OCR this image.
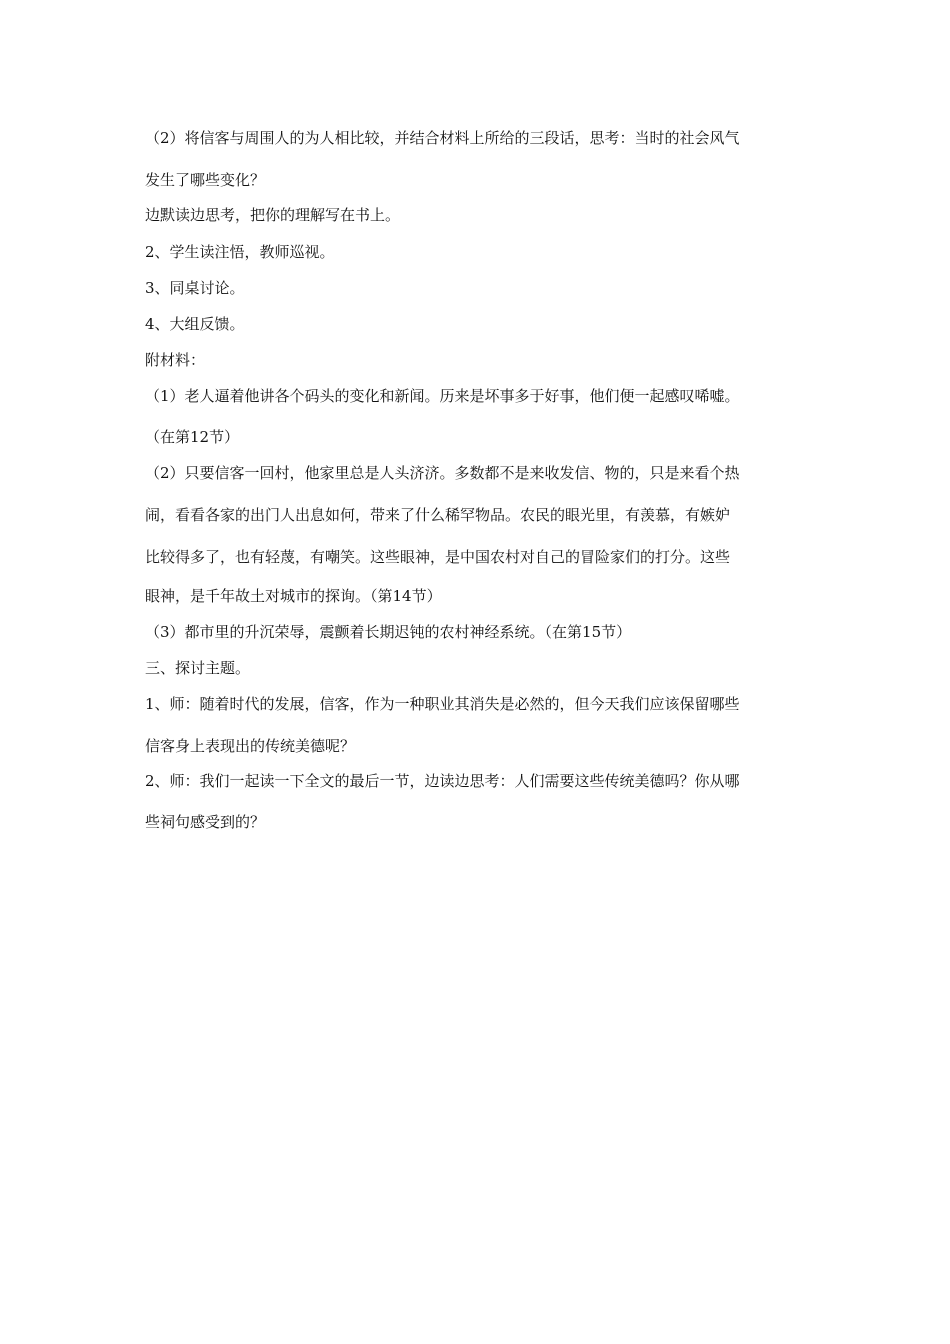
（2）将信客与周围人的为人相比较，并结合材料上所给的三段话，思考：当时的社会风气
发生了哪些变化？
边默读边思考，把你的理解写在书上。
2、学生读注悟，教师巡视。
3、同桌讨论。
4、大组反馈。
附材料：
（1）老人逼着他讲各个码头的变化和新闻。历来是坏事多于好事，他们便一起感叹唏嘘。
（在第12节）
（2）只要信客一回村，他家里总是人头济济。多数都不是来收发信、物的，只是来看个热
闹，看看各家的出门人出息如何，带来了什么稀罕物品。农民的眼光里，有羡慕，有嫉妒
比较得多了，也有轻蔑，有嘲笑。这些眼神，是中国农村对自己的冒险家们的打分。这些
眼神，是千年故土对城市的探询。（第14节）
（3）都市里的升沉荣辱，震颤着长期迟钝的农村神经系统。（在第15节）
三、探讨主题。
1、师：随着时代的发展，信客，作为一种职业其消失是必然的，但今天我们应该保留哪些
信客身上表现出的传统美德呢？
2、师：我们一起读一下全文的最后一节，边读边思考：人们需要这些传统美德吗？你从哪
些祠句感受到的？
